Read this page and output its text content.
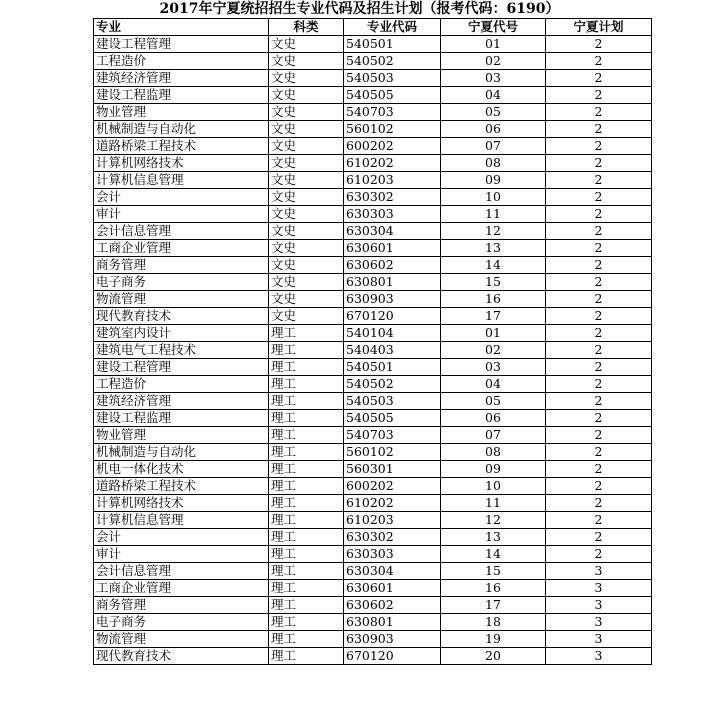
2017年宁夏统招招生专业代码及招生计划（报考代码：6190）
专业	科类	专业代码	宁夏代号	宁夏计划
建设工程管理	文史	540501	01	2
工程造价	文史	540502	02	2
建筑经济管理	文史	540503	03	2
建设工程监理	文史	540505	04	2
物业管理	文史	540703	05	2
机械制造与自动化	文史	560102	06	2
道路桥梁工程技术	文史	600202	07	2
计算机网络技术	文史	610202	08	2
计算机信息管理	文史	610203	09	2
会计	文史	630302	10	2
审计	文史	630303	11	2
会计信息管理	文史	630304	12	2
工商企业管理	文史	630601	13	2
商务管理	文史	630602	14	2
电子商务	文史	630801	15	2
物流管理	文史	630903	16	2
现代教育技术	文史	670120	17	2
建筑室内设计	理工	540104	01	2
建筑电气工程技术	理工	540403	02	2
建设工程管理	理工	540501	03	2
工程造价	理工	540502	04	2
建筑经济管理	理工	540503	05	2
建设工程监理	理工	540505	06	2
物业管理	理工	540703	07	2
机械制造与自动化	理工	560102	08	2
机电一体化技术	理工	560301	09	2
道路桥梁工程技术	理工	600202	10	2
计算机网络技术	理工	610202	11	2
计算机信息管理	理工	610203	12	2
会计	理工	630302	13	2
审计	理工	630303	14	2
会计信息管理	理工	630304	15	3
工商企业管理	理工	630601	16	3
商务管理	理工	630602	17	3
电子商务	理工	630801	18	3
物流管理	理工	630903	19	3
现代教育技术	理工	670120	20	3
